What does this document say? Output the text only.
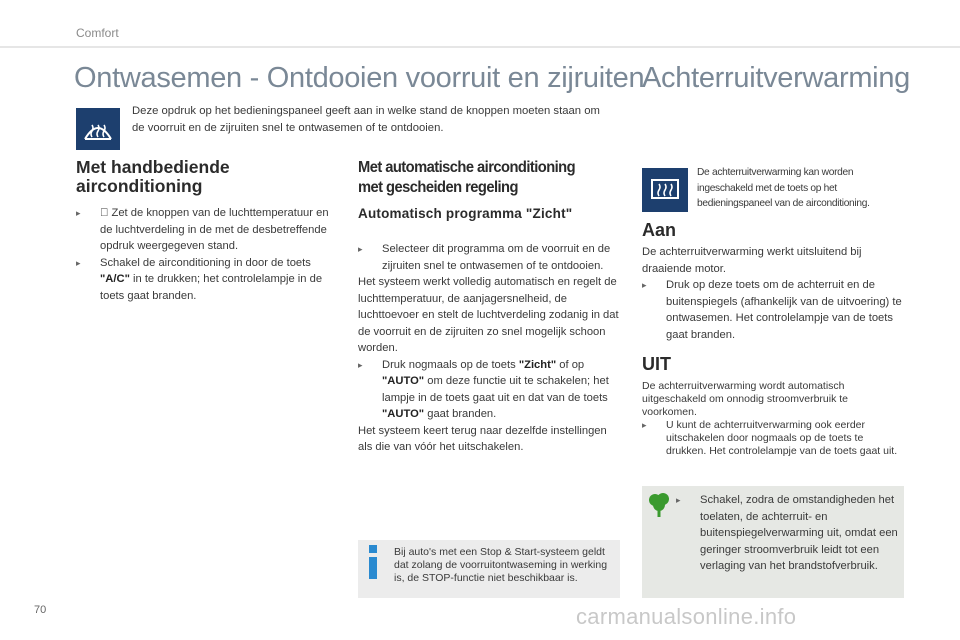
Comfort
Ontwasemen - Ontdooien voorruit en zijruiten
Achterruitverwarming
Deze opdruk op het bedieningspaneel geeft aan in welke stand de knoppen moeten staan om de voorruit en de zijruiten snel te ontwasemen of te ontdooien.
Met handbediende
airconditioning

▸	Zet de knoppen van de luchttemperatuur en de luchtverdeling in de met de desbetreffende opdruk weergegeven stand.
▸ Schakel de airconditioning in door de toets "A/C" in te drukken; het controlelampje in de toets gaat branden.
Met automatische airconditioning
met gescheiden regeling
Automatisch programma "Zicht"
▸ Selecteer dit programma om de voorruit en de zijruiten snel te ontwasemen of te ontdooien.
Het systeem werkt volledig automatisch en regelt de luchttemperatuur, de aanjagersnelheid, de luchttoevoer en stelt de luchtverdeling zodanig in dat de voorruit en de zijruiten zo snel mogelijk schoon worden.
▸ Druk nogmaals op de toets "Zicht" of op "AUTO" om deze functie uit te schakelen; het lampje in de toets gaat uit en dat van de toets "AUTO" gaat branden.
Het systeem keert terug naar dezelfde instellingen als die van vóór het uitschakelen.
Bij auto's met een Stop & Start-systeem geldt dat zolang de voorruitontwaseming in werking is, de STOP-functie niet beschikbaar is.
De achterruitverwarming kan worden ingeschakeld met de toets op het bedieningspaneel van de airconditioning.
Aan
De achterruitverwarming werkt uitsluitend bij draaiende motor.
▸ Druk op deze toets om de achterruit en de buitenspiegels (afhankelijk van de uitvoering) te ontwasemen. Het controlelampje van de toets gaat branden.
UIT
De achterruitverwarming wordt automatisch uitgeschakeld om onnodig stroomverbruik te voorkomen.
▸ U kunt de achterruitverwarming ook eerder uitschakelen door nogmaals op de toets te drukken. Het controlelampje van de toets gaat uit.
▸ Schakel, zodra de omstandigheden het toelaten, de achterruit- en buitenspiegelverwarming uit, omdat een geringer stroomverbruik leidt tot een verlaging van het brandstofverbruik.
70	carmanualsonline.info
